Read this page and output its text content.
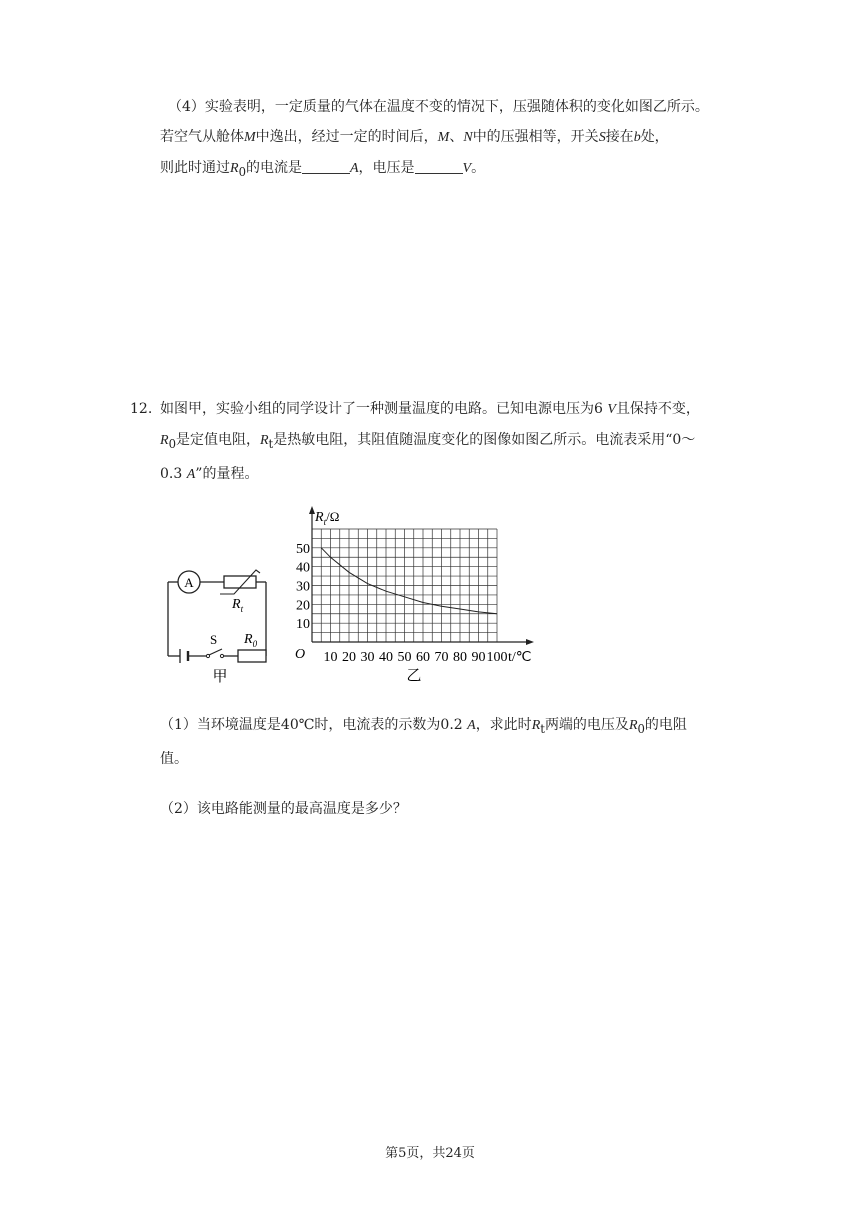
（4）实验表明，一定质量的气体在温度不变的情况下，压强随体积的变化如图乙所示。
若空气从舱体M中逸出，经过一定的时间后，M、N中的压强相等，开关S接在b处，
则此时通过$R_0$的电流是	A，电压是	V。
12. 如图甲，实验小组的同学设计了一种测量温度的电路。已知电源电压为6 V且保持不变，
$R_0$是定值电阻，$R_t$是热敏电阻，其阻值随温度变化的图像如图乙所示。电流表采用“0～
0.3 A”的量程。
A
$R_t$
S $R_0$
甲
$R_t/\Omega$
O	t/℃
乙
10 20 30 40 50 60 70 80 90 100
10
20
30
40
50
（1）当环境温度是40℃时，电流表的示数为0.2 A，求此时$R_t$两端的电压及$R_0$的电阻
值。
（2）该电路能测量的最高温度是多少？
第5页，共24页
